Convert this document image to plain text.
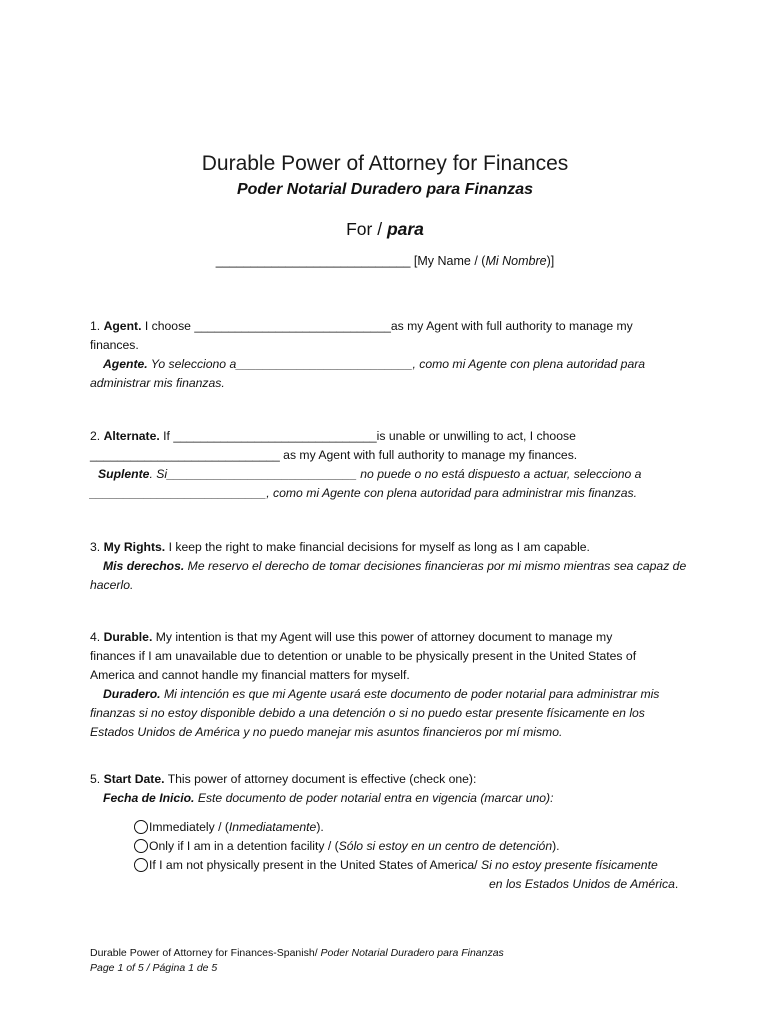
Durable Power of Attorney for Finances
Poder Notarial Duradero para Finanzas
For / para
____________________________ [My Name / (Mi Nombre)]
1. Agent. I choose _____________________________as my Agent with full authority to manage my
finances.
Agente. Yo selecciono a__________________________, como mi Agente con plena autoridad para
administrar mis finanzas.
2. Alternate. If ______________________________is unable or unwilling to act, I choose
____________________________ as my Agent with full authority to manage my finances.
Suplente. Si____________________________ no puede o no está dispuesto a actuar, selecciono a
__________________________, como mi Agente con plena autoridad para administrar mis finanzas.
3. My Rights. I keep the right to make financial decisions for myself as long as I am capable.
Mis derechos. Me reservo el derecho de tomar decisiones financieras por mi mismo mientras sea capaz de
hacerlo.
4. Durable. My intention is that my Agent will use this power of attorney document to manage my
finances if I am unavailable due to detention or unable to be physically present in the United States of
America and cannot handle my financial matters for myself.
Duradero. Mi intención es que mi Agente usará este documento de poder notarial para administrar mis
finanzas si no estoy disponible debido a una detención o si no puedo estar presente físicamente en los
Estados Unidos de América y no puedo manejar mis asuntos financieros por mí mismo.
5. Start Date. This power of attorney document is effective (check one):
Fecha de Inicio. Este documento de poder notarial entra en vigencia (marcar uno):
Immediately / (Inmediatamente).
Only if I am in a detention facility / (Sólo si estoy en un centro de detención).
If I am not physically present in the United States of America/ Si no estoy presente físicamente
en los Estados Unidos de América.
Durable Power of Attorney for Finances-Spanish/ Poder Notarial Duradero para Finanzas
Page 1 of 5 / Página 1 de 5
